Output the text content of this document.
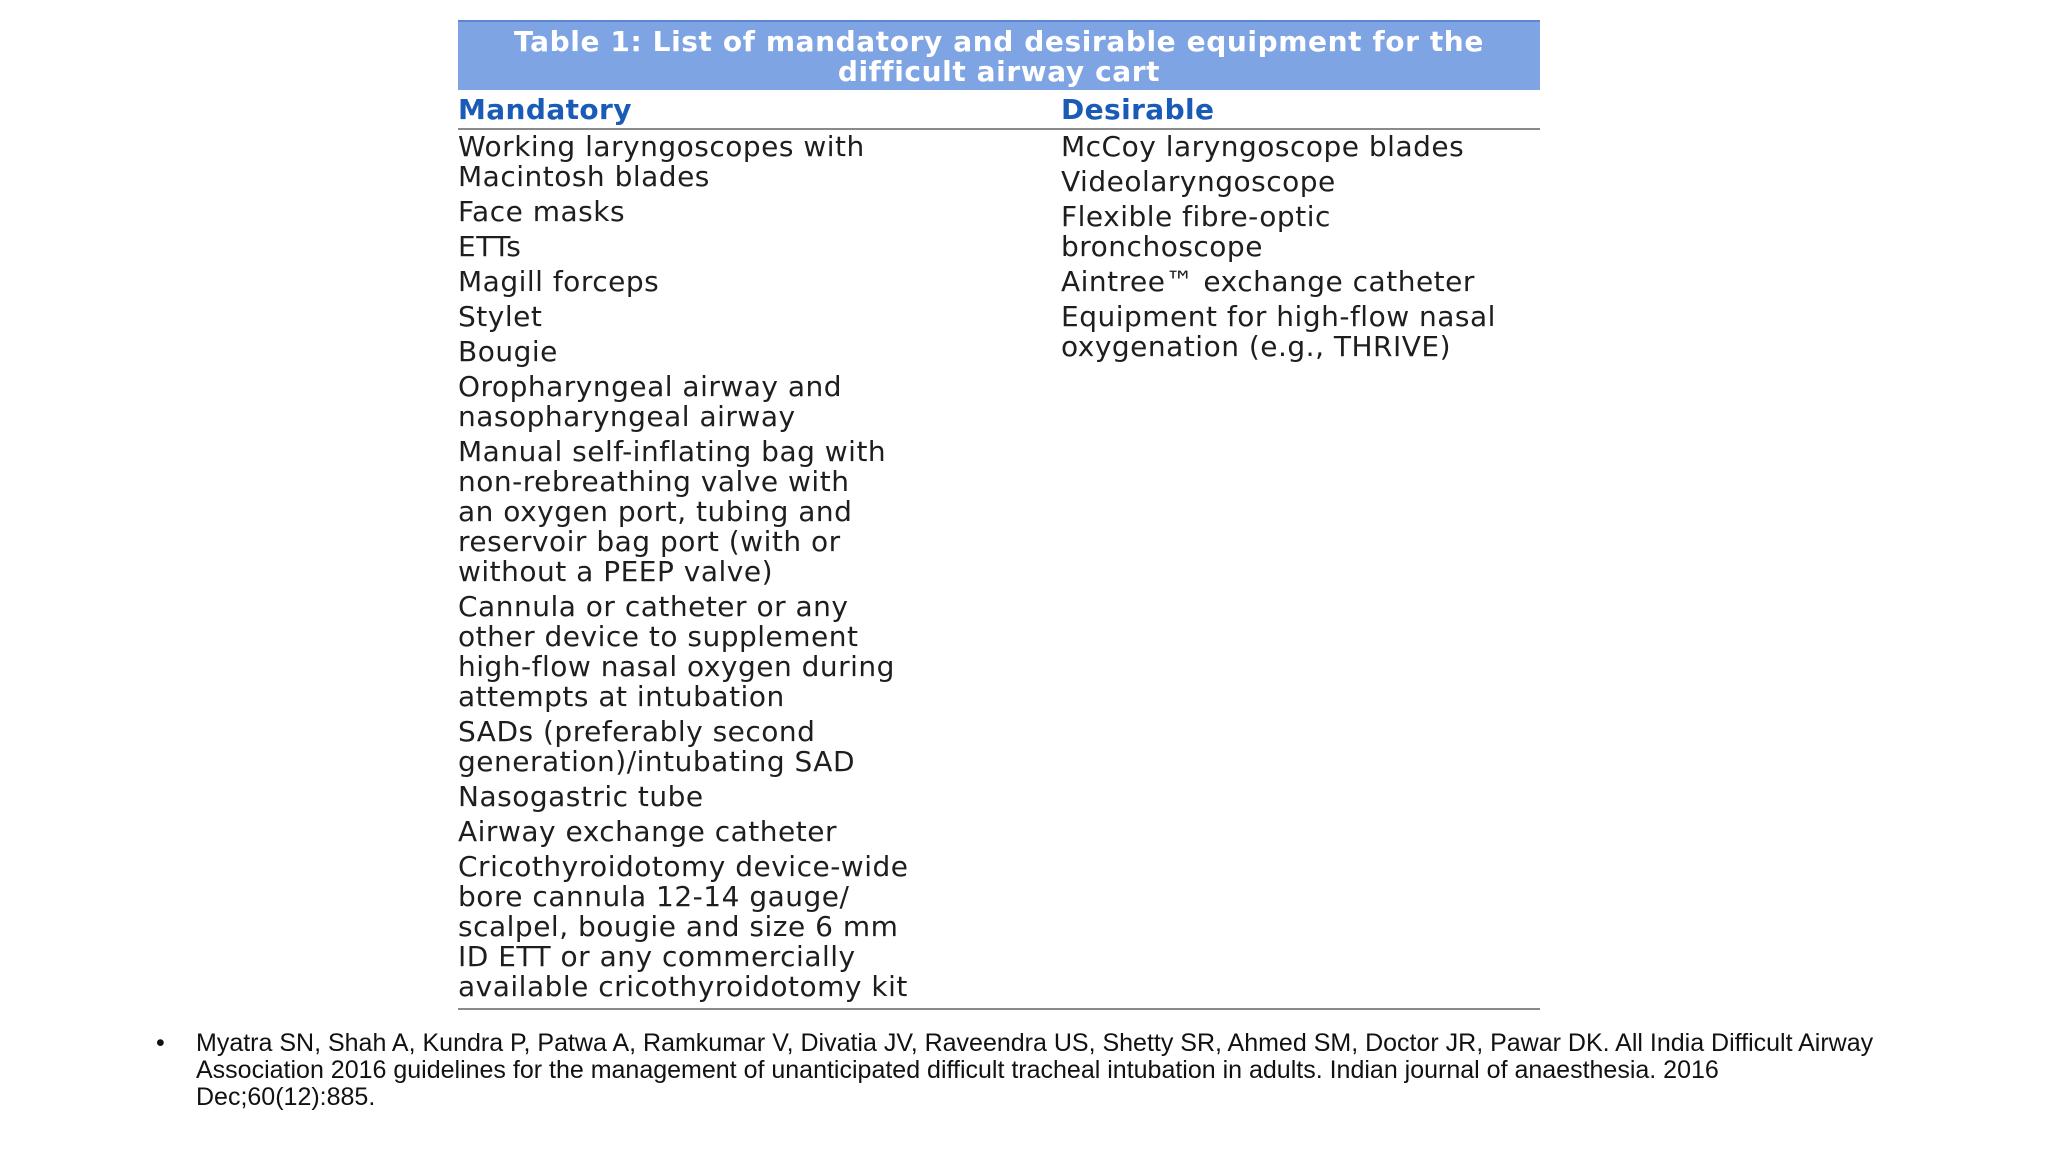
Table 1: List of mandatory and desirable equipment for the difficult airway cart
Mandatory	Desirable
Working laryngoscopes with
Macintosh blades
Face masks
ETTs
Magill forceps
Stylet
Bougie
Oropharyngeal airway and
nasopharyngeal airway
Manual self-inflating bag with
non-rebreathing valve with
an oxygen port, tubing and
reservoir bag port (with or
without a PEEP valve)
Cannula or catheter or any
other device to supplement
high-flow nasal oxygen during
attempts at intubation
SADs (preferably second
generation)/intubating SAD
Nasogastric tube
Airway exchange catheter
Cricothyroidotomy device-wide
bore cannula 12-14 gauge/
scalpel, bougie and size 6 mm
ID ETT or any commercially
available cricothyroidotomy kit
McCoy laryngoscope blades
Videolaryngoscope
Flexible fibre-optic
bronchoscope
Aintree™ exchange catheter
Equipment for high-flow nasal
oxygenation (e.g., THRIVE)
•	Myatra SN, Shah A, Kundra P, Patwa A, Ramkumar V, Divatia JV, Raveendra US, Shetty SR, Ahmed SM, Doctor JR, Pawar DK. All India Difficult Airway Association 2016 guidelines for the management of unanticipated difficult tracheal intubation in adults. Indian journal of anaesthesia. 2016 Dec;60(12):885.
